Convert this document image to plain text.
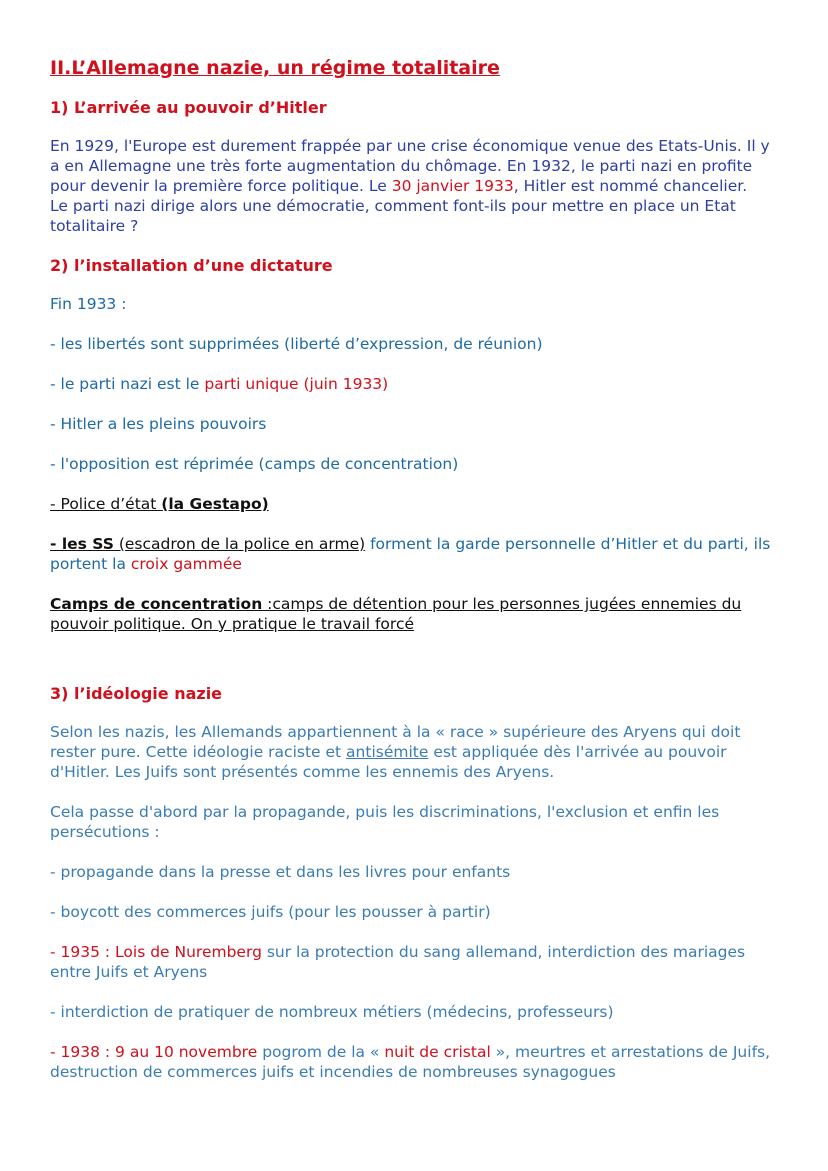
II.L’Allemagne nazie, un régime totalitaire
1) L’arrivée au pouvoir d’Hitler

En 1929, l'Europe est durement frappée par une crise économique venue des Etats-Unis. Il y a en Allemagne une très forte augmentation du chômage. En 1932, le parti nazi en profite pour devenir la première force politique. Le 30 janvier 1933, Hitler est nommé chancelier.
Le parti nazi dirige alors une démocratie, comment font-ils pour mettre en place un Etat totalitaire ?

2) l’installation d’une dictature

Fin 1933 :

- les libertés sont supprimées (liberté d’expression, de réunion)

- le parti nazi est le parti unique (juin 1933)

- Hitler a les pleins pouvoirs

- l'opposition est réprimée (camps de concentration)

- Police d’état (la Gestapo)

- les SS (escadron de la police en arme) forment la garde personnelle d’Hitler et du parti, ils portent la croix gammée

Camps de concentration :camps de détention pour les personnes jugées ennemies du pouvoir politique. On y pratique le travail forcé

3) l’idéologie nazie

Selon les nazis, les Allemands appartiennent à la « race » supérieure des Aryens qui doit rester pure. Cette idéologie raciste et antisémite est appliquée dès l'arrivée au pouvoir d'Hitler. Les Juifs sont présentés comme les ennemis des Aryens.

Cela passe d'abord par la propagande, puis les discriminations, l'exclusion et enfin les persécutions :

- propagande dans la presse et dans les livres pour enfants

- boycott des commerces juifs (pour les pousser à partir)

- 1935 : Lois de Nuremberg sur la protection du sang allemand, interdiction des mariages entre Juifs et Aryens

- interdiction de pratiquer de nombreux métiers (médecins, professeurs)

- 1938 : 9 au 10 novembre pogrom de la « nuit de cristal », meurtres et arrestations de Juifs, destruction de commerces juifs et incendies de nombreuses synagogues
